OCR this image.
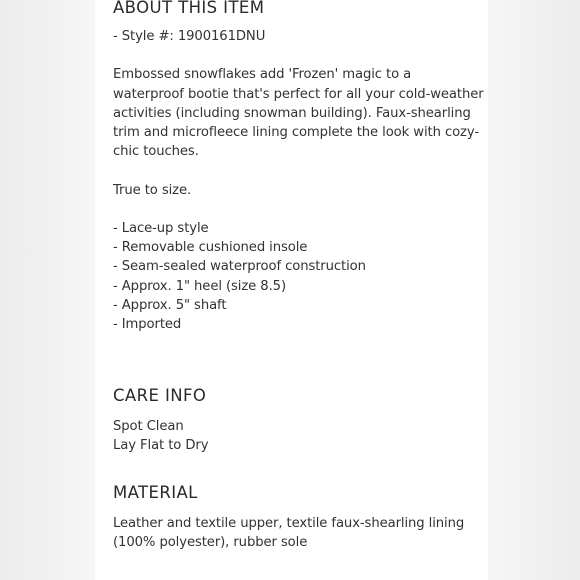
ABOUT THIS ITEM
- Style #: 1900161DNU
Embossed snowflakes add 'Frozen' magic to a
waterproof bootie that's perfect for all your cold-weather
activities (including snowman building). Faux-shearling
trim and microfleece lining complete the look with cozy-
chic touches.
True to size.
- Lace-up style
- Removable cushioned insole
- Seam-sealed waterproof construction
- Approx. 1" heel (size 8.5)
- Approx. 5" shaft
- Imported
CARE INFO
Spot Clean
Lay Flat to Dry
MATERIAL
Leather and textile upper, textile faux-shearling lining
(100% polyester), rubber sole
